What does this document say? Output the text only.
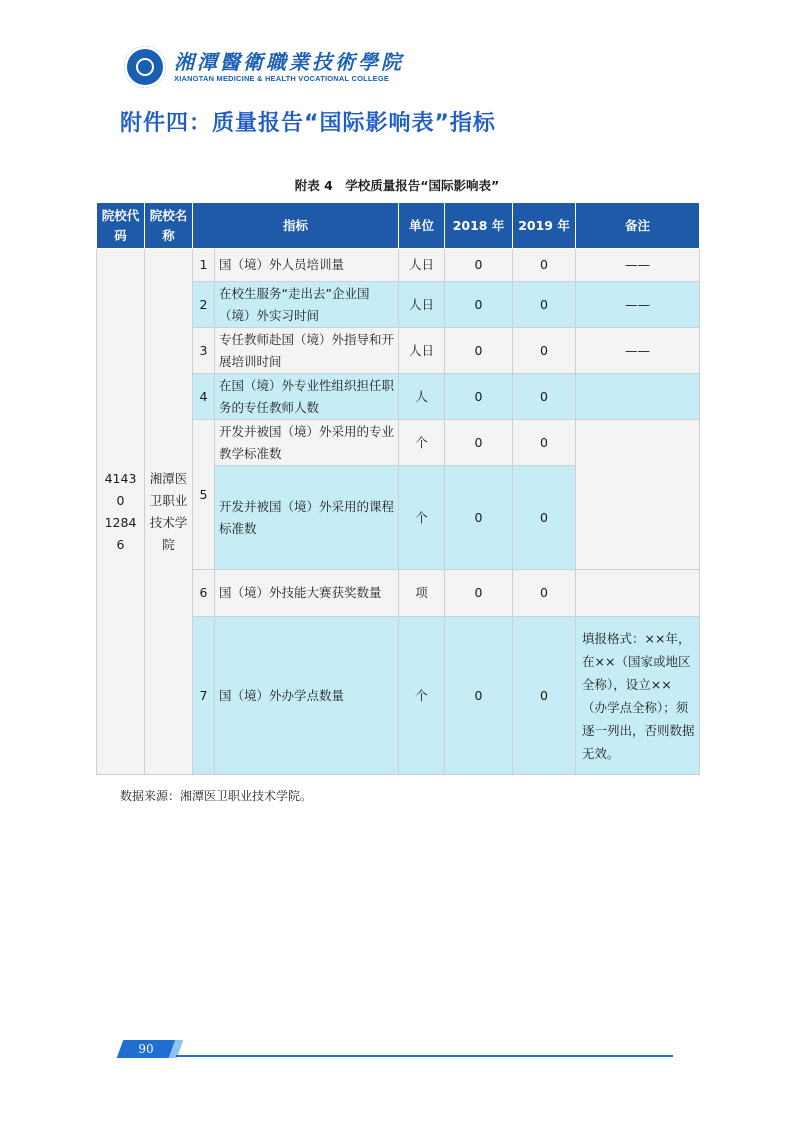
湘潭醫衛職業技術學院
XIANGTAN MEDICINE & HEALTH VOCATIONAL COLLEGE
附件四：质量报告“国际影响表”指标
附表 4　学校质量报告“国际影响表”
院校代码	院校名称	指标		单位	2018 年	2019 年	备注
41430 12846	湘潭医卫职业技术学院	1	国（境）外人员培训量	人日	0	0	——
		2	在校生服务“走出去”企业国（境）外实习时间	人日	0	0	——
		3	专任教师赴国（境）外指导和开展培训时间	人日	0	0	——
		4	在国（境）外专业性组织担任职务的专任教师人数	人	0	0	
		5	开发并被国（境）外采用的专业教学标准数	个	0	0	
			开发并被国（境）外采用的课程标准数	个	0	0	
		6	国（境）外技能大赛获奖数量	项	0	0	
		7	国（境）外办学点数量	个	0	0	填报格式：××年，在××（国家或地区全称），设立××（办学点全称）；须逐一列出，否则数据无效。
数据来源：湘潭医卫职业技术学院。
90
